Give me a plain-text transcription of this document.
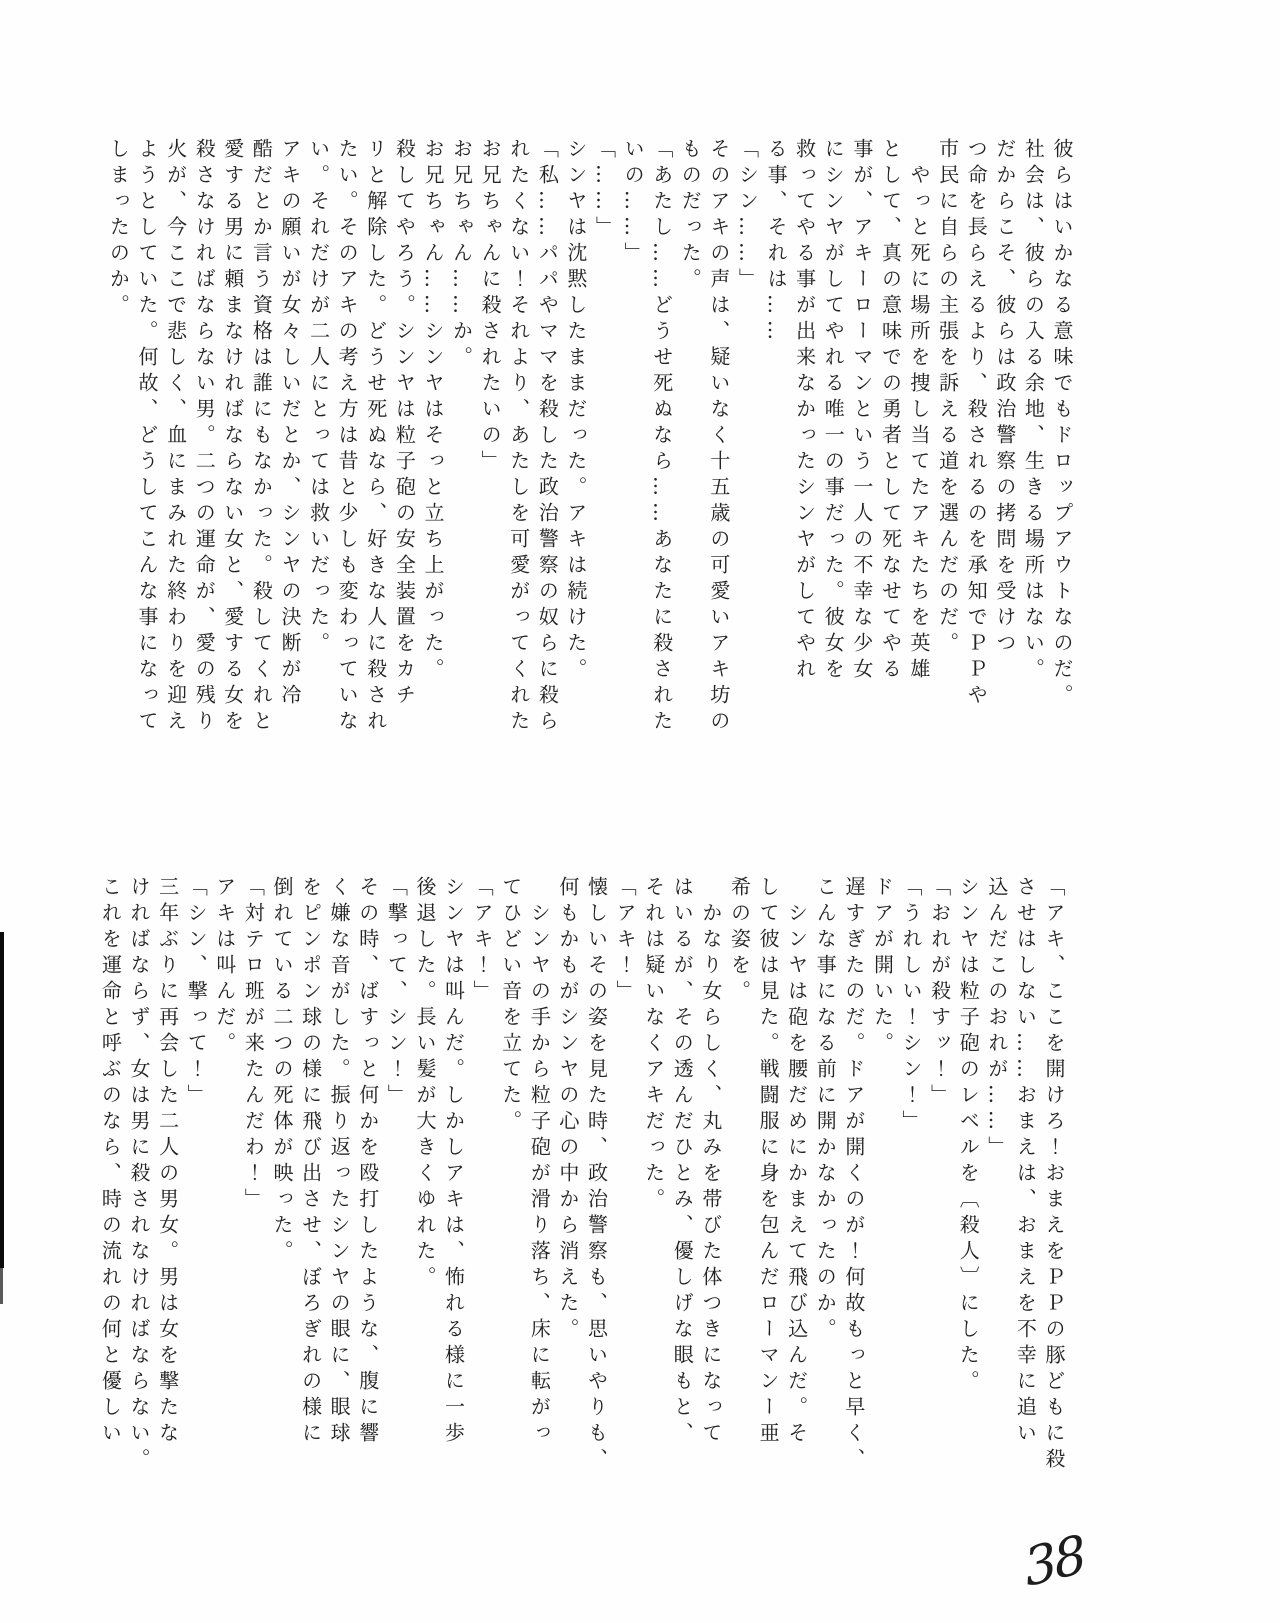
彼らはいかなる意味でもドロップアウトなのだ。
社会は、彼らの入る余地、生きる場所はない。
だからこそ、彼らは政治警察の拷問を受けつ
つ命を長らえるより、殺されるのを承知でＰＰや
市民に自らの主張を訴える道を選んだのだ。
　やっと死に場所を捜し当てたアキたちを英雄
として、真の意味での勇者として死なせてやる
事が、アキーローマンという一人の不幸な少女
にシンヤがしてやれる唯一の事だった。彼女を
救ってやる事が出来なかったシンヤがしてやれ
る事、それは……
「シン……」
そのアキの声は、疑いなく十五歳の可愛いアキ坊の
ものだった。
「あたし……どうせ死ぬなら……あなたに殺された
いの……」
「……」
シンヤは沈黙したままだった。アキは続けた。
「私……パパやママを殺した政治警察の奴らに殺ら
れたくない！それより、あたしを可愛がってくれた
お兄ちゃんに殺されたいの」
お兄ちゃん……か。
お兄ちゃん……シンヤはそっと立ち上がった。
殺してやろう。シンヤは粒子砲の安全装置をカチ
リと解除した。どうせ死ぬなら、好きな人に殺され
たい。そのアキの考え方は昔と少しも変わっていな
い。それだけが二人にとっては救いだった。
アキの願いが女々しいだとか、シンヤの決断が冷
酷だとか言う資格は誰にもなかった。殺してくれと
愛する男に頼まなければならない女と、愛する女を
殺さなければならない男。二つの運命が、愛の残り
火が、今ここで悲しく、血にまみれた終わりを迎え
ようとしていた。何故、どうしてこんな事になって
しまったのか。
「アキ、ここを開けろ！おまえをＰＰの豚どもに殺
させはしない……おまえは、おまえを不幸に追い
込んだこのおれが……」
シンヤは粒子砲のレベルを〔殺人〕にした。
「おれが殺すッ！」
「うれしい！シン！」
ドアが開いた。
遅すぎたのだ。ドアが開くのが！何故もっと早く、
こんな事になる前に開かなかったのか。
　シンヤは砲を腰だめにかまえて飛び込んだ。そ
して彼は見た。戦闘服に身を包んだローマンー亜
希の姿を。
　かなり女らしく、丸みを帯びた体つきになって
はいるが、その透んだひとみ、優しげな眼もと、
それは疑いなくアキだった。
「アキ！」
懐しいその姿を見た時、政治警察も、思いやりも、
何もかもがシンヤの心の中から消えた。
　シンヤの手から粒子砲が滑り落ち、床に転がっ
てひどい音を立てた。
「アキ！」
シンヤは叫んだ。しかしアキは、怖れる様に一歩
後退した。長い髪が大きくゆれた。
「撃って、シン！」
その時、ばすっと何かを殴打したような、腹に響
く嫌な音がした。振り返ったシンヤの眼に、眼球
をピンポン球の様に飛び出させ、ぼろぎれの様に
倒れている二つの死体が映った。
「対テロ班が来たんだわ！」
アキは叫んだ。
「シン、撃って！」
三年ぶりに再会した二人の男女。男は女を撃たな
ければならず、女は男に殺されなければならない。
これを運命と呼ぶのなら、時の流れの何と優しい
38
